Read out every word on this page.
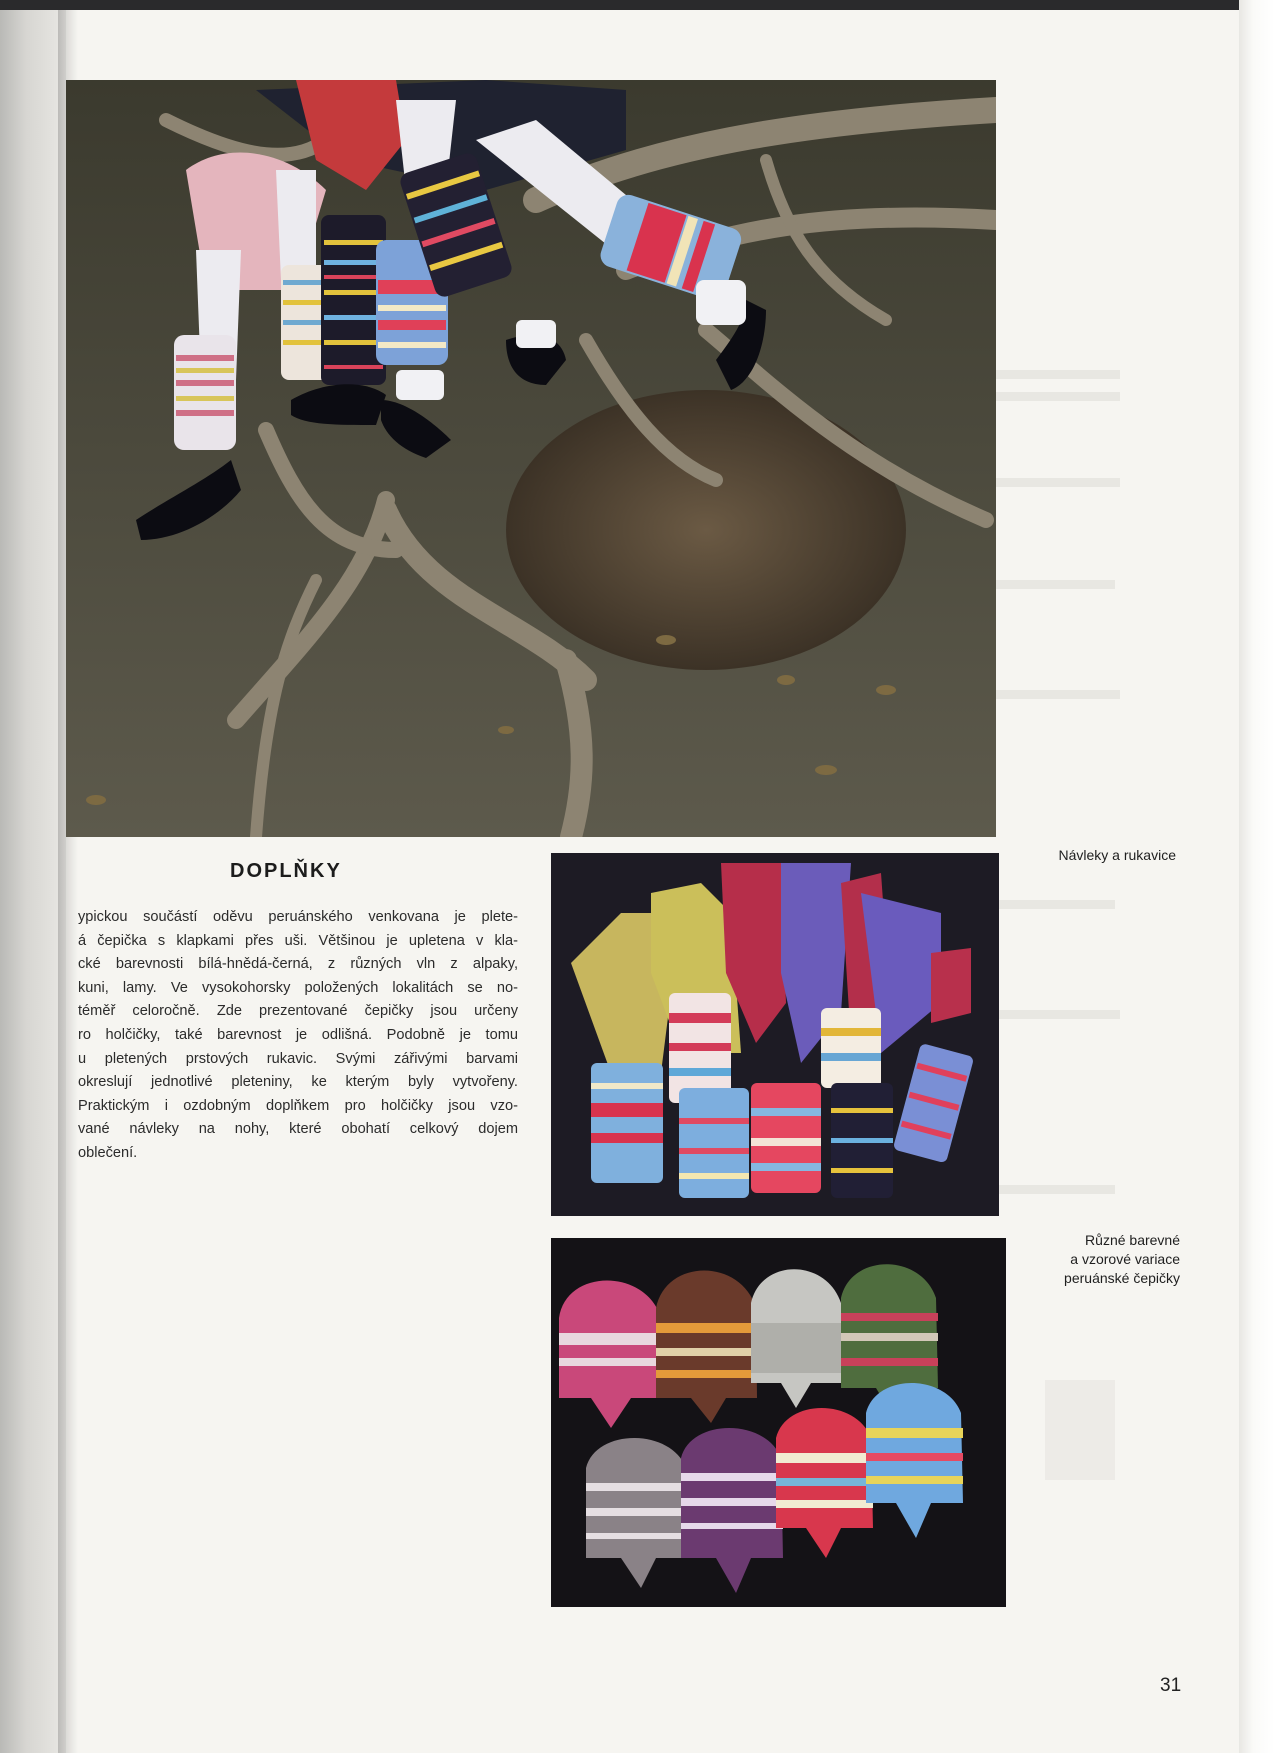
DOPLŇKY
ypickou součástí oděvu peruánského venkovana je plete-
á čepička s klapkami přes uši. Většinou je upletena v kla-
cké barevnosti bílá-hnědá-černá, z různých vln z alpaky,
kuni, lamy. Ve vysokohorsky položených lokalitách se no-
téměř celoročně. Zde prezentované čepičky jsou určeny
ro holčičky, také barevnost je odlišná. Podobně je tomu
u pletených prstových rukavic. Svými zářivými barvami
okreslují jednotlivé pleteniny, ke kterým byly vytvořeny.
Praktickým i ozdobným doplňkem pro holčičky jsou vzo-
vané návleky na nohy, které obohatí celkový dojem
oblečení.
Návleky a rukavice
Různé barevné
a vzorové variace
peruánské čepičky
31
